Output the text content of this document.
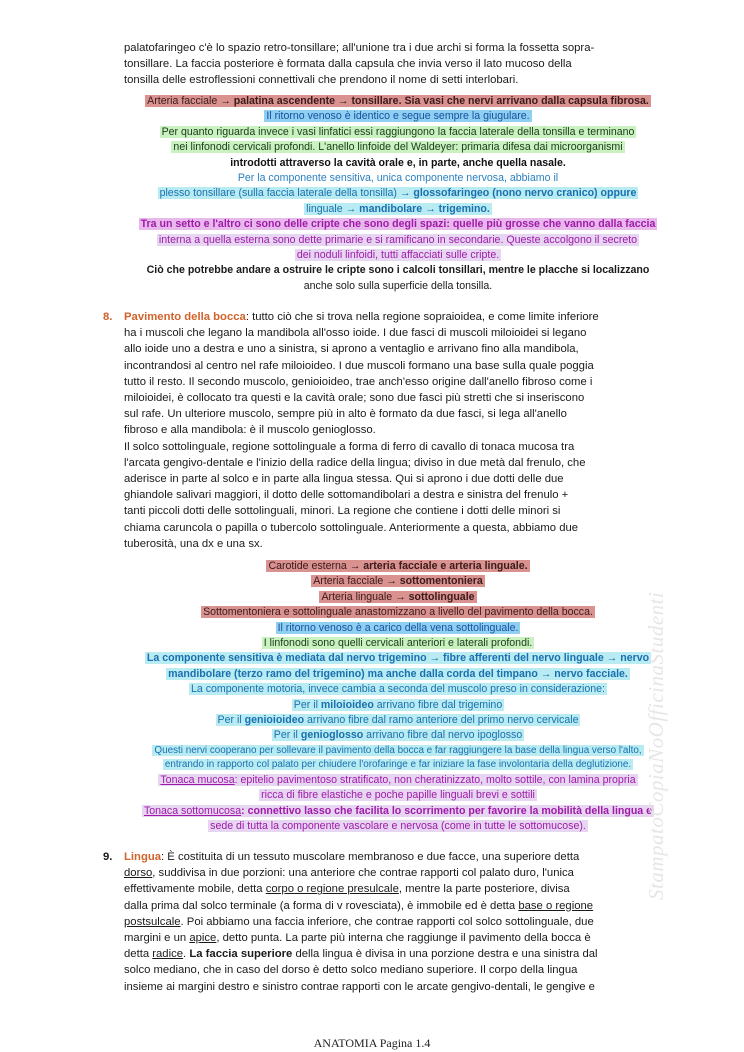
palatofaringeo c'è lo spazio retro-tonsillare; all'unione tra i due archi si forma la fossetta sopra-
tonsillare. La faccia posteriore è formata dalla capsula che invia verso il lato mucoso della
tonsilla delle estroflessioni connettivali che prendono il nome di setti interlobari.
Arteria facciale → palatina ascendente → tonsillare. Sia vasi che nervi arrivano dalla capsula fibrosa.
Il ritorno venoso è identico e segue sempre la giugulare.
Per quanto riguarda invece i vasi linfatici essi raggiungono la faccia laterale della tonsilla e terminano
nei linfonodi cervicali profondi. L'anello linfoide del Waldeyer: primaria difesa dai microorganismi
introdotti attraverso la cavità orale e, in parte, anche quella nasale.
Per la componente sensitiva, unica componente nervosa, abbiamo il
plesso tonsillare (sulla faccia laterale della tonsilla) → glossofaringeo (nono nervo cranico) oppure
linguale → mandibolare → trigemino.
Tra un setto e l'altro ci sono delle cripte che sono degli spazi: quelle più grosse che vanno dalla faccia
interna a quella esterna sono dette primarie e si ramificano in secondarie. Queste accolgono il secreto
dei noduli linfoidi, tutti affacciati sulle cripte.
Ciò che potrebbe andare a ostruire le cripte sono i calcoli tonsillari, mentre le placche si localizzano
anche solo sulla superficie della tonsilla.
8. Pavimento della bocca: tutto ciò che si trova nella regione sopraioidea, e come limite inferiore
ha i muscoli che legano la mandibola all'osso ioide. I due fasci di muscoli miloioidei si legano
allo ioide uno a destra e uno a sinistra, si aprono a ventaglio e arrivano fino alla mandibola,
incontrandosi al centro nel rafe miloioideo. I due muscoli formano una base sulla quale poggia
tutto il resto. Il secondo muscolo, genioioideo, trae anch'esso origine dall'anello fibroso come i
miloioidei, è collocato tra questi e la cavità orale; sono due fasci più stretti che si inseriscono
sul rafe. Un ulteriore muscolo, sempre più in alto è formato da due fasci, si lega all'anello
fibroso e alla mandibola: è il muscolo genioglosso.
Il solco sottolinguale, regione sottolinguale a forma di ferro di cavallo di tonaca mucosa tra
l'arcata gengivo-dentale e l'inizio della radice della lingua; diviso in due metà dal frenulo, che
aderisce in parte al solco e in parte alla lingua stessa. Qui si aprono i due dotti delle due
ghiandole salivari maggiori, il dotto delle sottomandibolari a destra e sinistra del frenulo +
tanti piccoli dotti delle sottolinguali, minori. La regione che contiene i dotti delle minori si
chiama caruncola o papilla o tubercolo sottolinguale. Anteriormente a questa, abbiamo due
tuberosità, una dx e una sx.
Carotide esterna → arteria facciale e arteria linguale.
Arteria facciale → sottomentoniera
Arteria linguale → sottolinguale
Sottomentoniera e sottolinguale anastomizzano a livello del pavimento della bocca.
Il ritorno venoso è a carico della vena sottolinguale.
I linfonodi sono quelli cervicali anteriori e laterali profondi.
La componente sensitiva è mediata dal nervo trigemino → fibre afferenti del nervo linguale → nervo
mandibolare (terzo ramo del trigemino) ma anche dalla corda del timpano → nervo facciale.
La componente motoria, invece cambia a seconda del muscolo preso in considerazione:
Per il miloioideo arrivano fibre dal trigemino
Per il genioioideo arrivano fibre dal ramo anteriore del primo nervo cervicale
Per il genioglosso arrivano fibre dal nervo ipoglosso
Questi nervi cooperano per sollevare il pavimento della bocca e far raggiungere la base della lingua verso l'alto,
entrando in rapporto col palato per chiudere l'orofaringe e far iniziare la fase involontaria della deglutizione.
Tonaca mucosa: epitelio pavimentoso stratificato, non cheratinizzato, molto sottile, con lamina propria
ricca di fibre elastiche e poche papille linguali brevi e sottili
Tonaca sottomucosa: connettivo lasso che facilita lo scorrimento per favorire la mobilità della lingua e
sede di tutta la componente vascolare e nervosa (come in tutte le sottomucose).
9. Lingua: È costituita di un tessuto muscolare membranoso e due facce, una superiore detta
dorso, suddivisa in due porzioni: una anteriore che contrae rapporti col palato duro, l'unica
effettivamente mobile, detta corpo o regione presulcale, mentre la parte posteriore, divisa
dalla prima dal solco terminale (a forma di v rovesciata), è immobile ed è detta base o regione
postsulcale. Poi abbiamo una faccia inferiore, che contrae rapporti col solco sottolinguale, due
margini e un apice, detto punta. La parte più interna che raggiunge il pavimento della bocca è
detta radice. La faccia superiore della lingua è divisa in una porzione destra e una sinistra dal
solco mediano, che in caso del dorso è detto solco mediano superiore. Il corpo della lingua
insieme ai margini destro e sinistro contrae rapporti con le arcate gengivo-dentali, le gengive e
StampatoCopiaNoOfficinaStudenti
ANATOMIA Pagina 1.4
